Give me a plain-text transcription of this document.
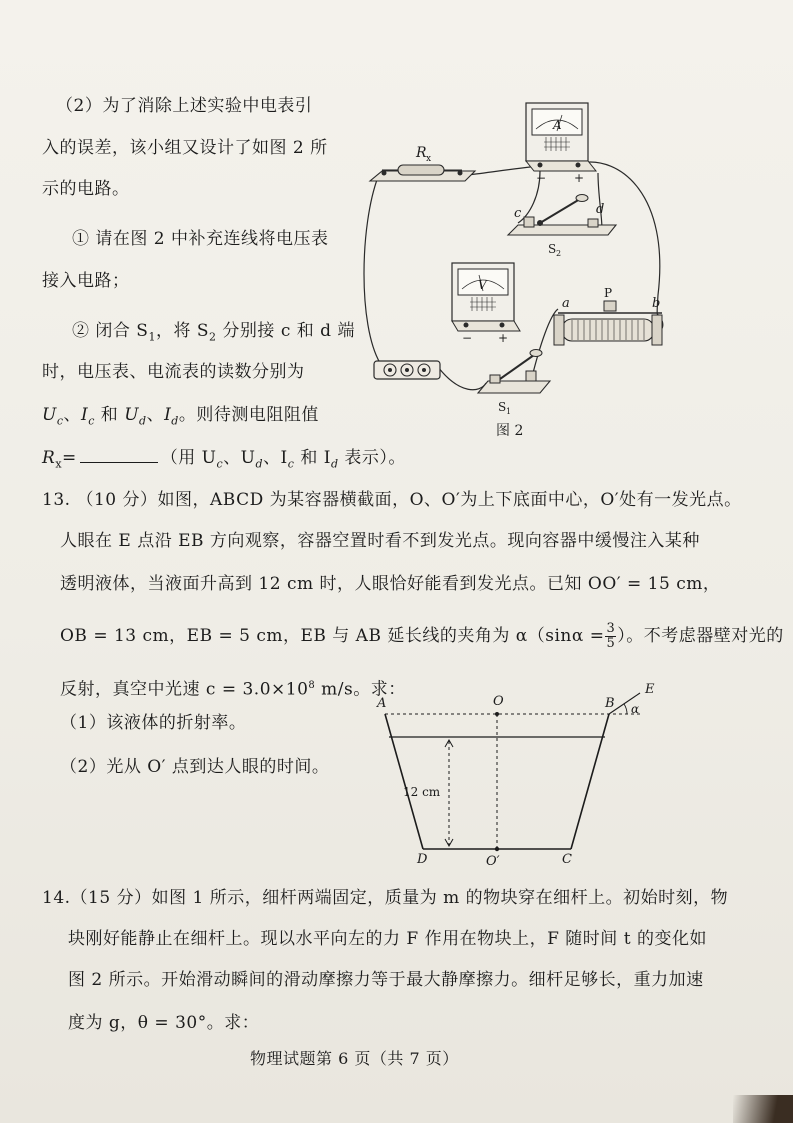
（2）为了消除上述实验中电表引
入的误差，该小组又设计了如图 2 所
示的电路。
① 请在图 2 中补充连线将电压表
接入电路；
② 闭合 $S_1$，将 $S_2$ 分别接 c 和 d 端
时，电压表、电流表的读数分别为
$U_c$、$I_c$ 和 $U_d$、$I_d$。则待测电阻阻值
$R_x=$	（用 $U_c$、$U_d$、$I_c$ 和 $I_d$ 表示）。
R x
A
− +
c	d
S 2
V
− +
a	b
P
S 1
图 2
13. （10 分）如图，ABCD 为某容器横截面，O、O′为上下底面中心，O′处有一发光点。
人眼在 E 点沿 EB 方向观察，容器空置时看不到发光点。现向容器中缓慢注入某种
透明液体，当液面升高到 12 cm 时，人眼恰好能看到发光点。已知 OO′ = 15 cm，
OB = 13 cm，EB = 5 cm，EB 与 AB 延长线的夹角为 $\alpha(\sin\alpha = \frac{3}{5}$ ）。不考虑器壁对光的
反射，真空中光速 $c = 3.0\times 10^8$ m/s。求：
（1）该液体的折射率。
（2）光从 O′ 点到达人眼的时间。
A	O	B
E
α
D	O′	C
12 cm
14.（15 分）如图 1 所示，细杆两端固定，质量为 m 的物块穿在细杆上。初始时刻，物
块刚好能静止在细杆上。现以水平向左的力 F 作用在物块上，F 随时间 t 的变化如
图 2 所示。开始滑动瞬间的滑动摩擦力等于最大静摩擦力。细杆足够长，重力加速
度为 g，θ = 30°。求：
物理试题第 6 页（共 7 页）
